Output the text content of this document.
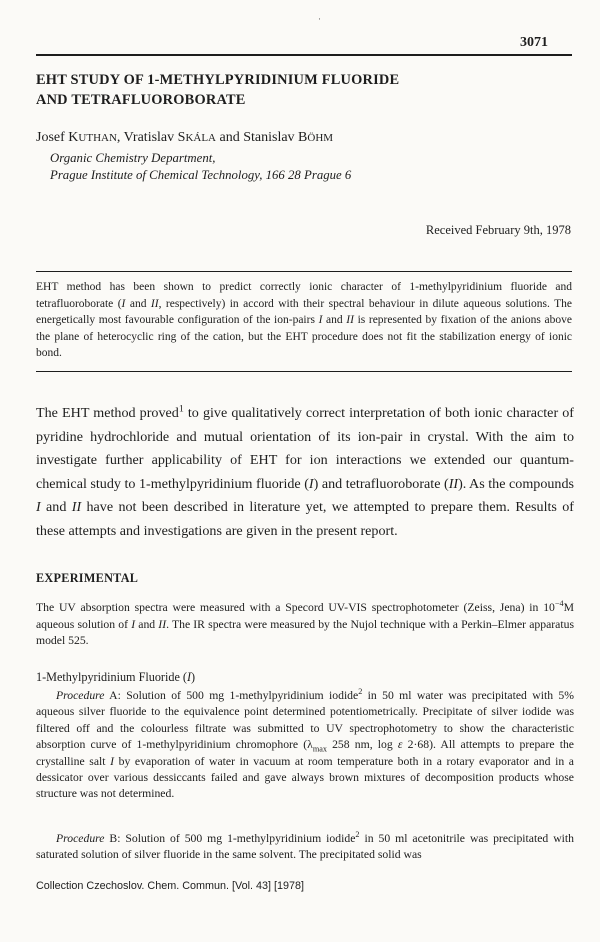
·
3071
EHT STUDY OF 1-METHYLPYRIDINIUM FLUORIDE
AND TETRAFLUOROBORATE
Josef KUTHAN, Vratislav SKÁLA and Stanislav BÖHM
Organic Chemistry Department,
Prague Institute of Chemical Technology, 166 28 Prague 6
Received February 9th, 1978

EHT method has been shown to predict correctly ionic character of 1-methylpyridinium fluoride and tetrafluoroborate (I and II, respectively) in accord with their spectral behaviour in dilute aqueous solutions. The energetically most favourable configuration of the ion-pairs I and II is represented by fixation of the anions above the plane of heterocyclic ring of the cation, but the EHT procedure does not fit the stabilization energy of ionic bond.

The EHT method proved$^1$ to give qualitatively correct interpretation of both ionic character of pyridine hydrochloride and mutual orientation of its ion-pair in crystal. With the aim to investigate further applicability of EHT for ion interactions we extended our quantum-chemical study to 1-methylpyridinium fluoride (I) and tetrafluoroborate (II). As the compounds I and II have not been described in literature yet, we attempted to prepare them. Results of these attempts and investigations are given in the present report.

EXPERIMENTAL

The UV absorption spectra were measured with a Specord UV-VIS spectrophotometer (Zeiss, Jena) in $10^{-4}M$ aqueous solution of I and II. The IR spectra were measured by the Nujol technique with a Perkin–Elmer apparatus model 525.

1-Methylpyridinium Fluoride (I)

Procedure A: Solution of 500 mg 1-methylpyridinium iodide$^2$ in 50 ml water was precipitated with 5% aqueous silver fluoride to the equivalence point determined potentiometrically. Precipitate of silver iodide was filtered off and the colourless filtrate was submitted to UV spectrophotometry to show the characteristic absorption curve of 1-methylpyridinium chromophore ($\lambda_{max}$ 258 nm, log ε 2·68). All attempts to prepare the crystalline salt I by evaporation of water in vacuum at room temperature both in a rotary evaporator and in a dessicator over various dessiccants failed and gave always brown mixtures of decomposition products whose structure was not determined.

Procedure B: Solution of 500 mg 1-methylpyridinium iodide$^2$ in 50 ml acetonitrile was precipitated with saturated solution of silver fluoride in the same solvent. The precipitated solid was

Collection Czechoslov. Chem. Commun. [Vol. 43] [1978]
